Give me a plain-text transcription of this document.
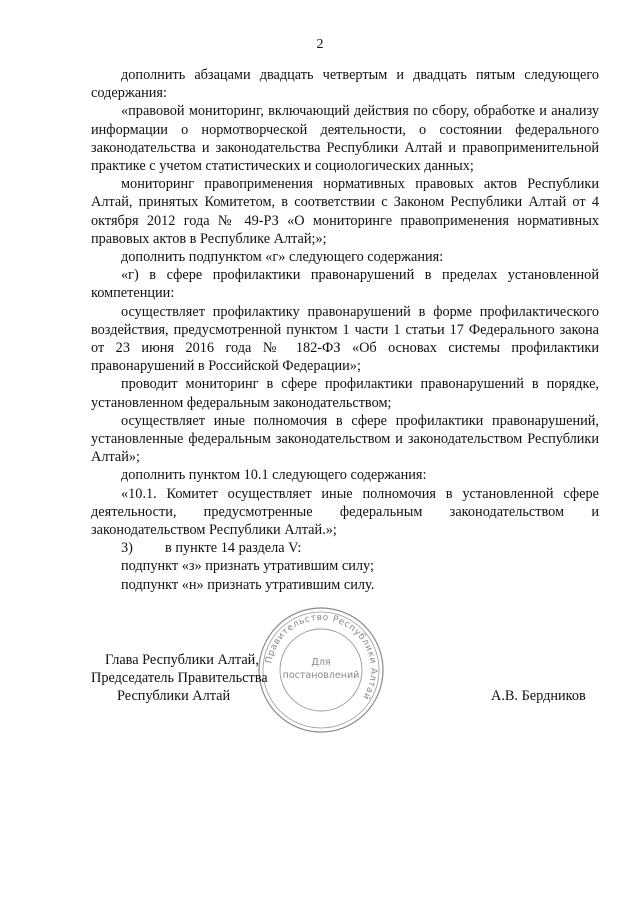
2

дополнить абзацами двадцать четвертым и двадцать пятым следующего содержания:

«правовой мониторинг, включающий действия по сбору, обработке и анализу информации о нормотворческой деятельности, о состоянии федерального законодательства и законодательства Республики Алтай и правоприменительной практике с учетом статистических и социологических данных;

мониторинг правоприменения нормативных правовых актов Республики Алтай, принятых Комитетом, в соответствии с Законом Республики Алтай от 4 октября 2012 года № 49-РЗ «О мониторинге правоприменения нормативных правовых актов в Республике Алтай;»;

дополнить подпунктом «г» следующего содержания:

«г) в сфере профилактики правонарушений в пределах установленной компетенции:

осуществляет профилактику правонарушений в форме профилактического воздействия, предусмотренной пунктом 1 части 1 статьи 17 Федерального закона от 23 июня 2016 года № 182-ФЗ «Об основах системы профилактики правонарушений в Российской Федерации»;

проводит мониторинг в сфере профилактики правонарушений в порядке, установленном федеральным законодательством;

осуществляет иные полномочия в сфере профилактики правонарушений, установленные федеральным законодательством и законодательством Республики Алтай»;

дополнить пунктом 10.1 следующего содержания:

«10.1. Комитет осуществляет иные полномочия в установленной сфере деятельности, предусмотренные федеральным законодательством и законодательством Республики Алтай.»;

3) в пункте 14 раздела V:

подпункт «з» признать утратившим силу;

подпункт «н» признать утратившим силу.

Правительство Республики Алтай
Для
постановлений
Глава Республики Алтай,
Председатель Правительства
Республики Алтай	А.В. Бердников
